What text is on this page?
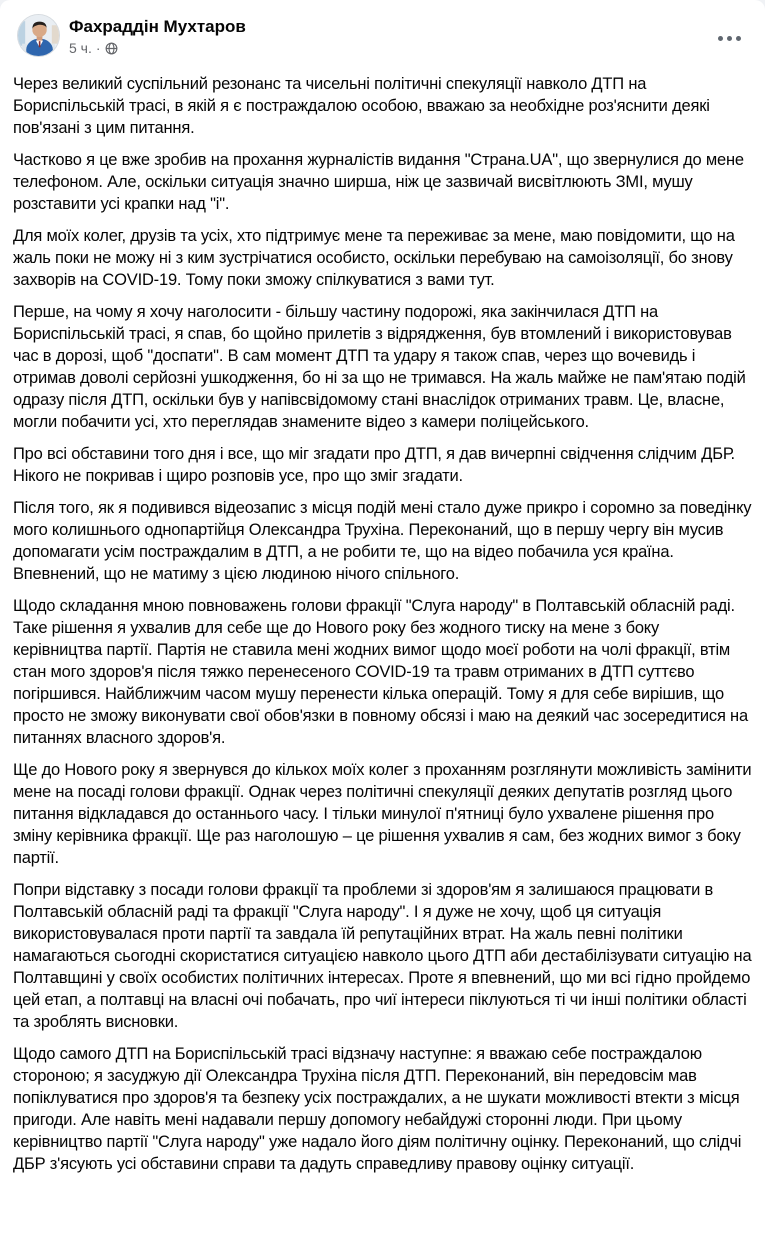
Фахраддін Мухтаров
5 ч. ·

Через великий суспільний резонанс та чисельні політичні спекуляції навколо ДТП на Бориспільській трасі, в якій я є постраждалою особою, вважаю за необхідне роз'яснити деякі пов'язані з цим питання.

Частково я це вже зробив на прохання журналістів видання "Страна.UA", що звернулися до мене телефоном. Але, оскільки ситуація значно ширша, ніж це зазвичай висвітлюють ЗМІ, мушу розставити усі крапки над "і".

Для моїх колег, друзів та усіх, хто підтримує мене та переживає за мене, маю повідомити, що на жаль поки не можу ні з ким зустрічатися особисто, оскільки перебуваю на самоізоляції, бо знову захворів на COVID-19. Тому поки зможу спілкуватися з вами тут.

Перше, на чому я хочу наголосити - більшу частину подорожі, яка закінчилася ДТП на Бориспільській трасі, я спав, бо щойно прилетів з відрядження, був втомлений і використовував час в дорозі, щоб "доспати". В сам момент ДТП та удару я також спав, через що вочевидь і отримав доволі серйозні ушкодження, бо ні за що не тримався. На жаль майже не пам'ятаю подій одразу після ДТП, оскільки був у напівсвідомому стані внаслідок отриманих травм. Це, власне, могли побачити усі, хто переглядав знамените відео з камери поліцейського.

Про всі обставини того дня і все, що міг згадати про ДТП, я дав вичерпні свідчення слідчим ДБР. Нікого не покривав і щиро розповів усе, про що зміг згадати.

Після того, як я подивився відеозапис з місця подій мені стало дуже прикро і соромно за поведінку мого колишнього однопартійця Олександра Трухіна. Переконаний, що в першу чергу він мусив допомагати усім постраждалим в ДТП, а не робити те, що на відео побачила уся країна. Впевнений, що не матиму з цією людиною нічого спільного.

Щодо складання мною повноважень голови фракції "Слуга народу" в Полтавській обласній раді. Таке рішення я ухвалив для себе ще до Нового року без жодного тиску на мене з боку керівництва партії. Партія не ставила мені жодних вимог щодо моєї роботи на чолі фракції, втім стан мого здоров'я після тяжко перенесеного COVID-19 та травм отриманих в ДТП суттєво погіршився. Найближчим часом мушу перенести кілька операцій. Тому я для себе вирішив, що просто не зможу виконувати свої обов'язки в повному обсязі і маю на деякий час зосередитися на питаннях власного здоров'я.

Ще до Нового року я звернувся до кількох моїх колег з проханням розглянути можливість замінити мене на посаді голови фракції. Однак через політичні спекуляції деяких депутатів розгляд цього питання відкладався до останнього часу. І тільки минулої п'ятниці було ухвалене рішення про зміну керівника фракції. Ще раз наголошую – це рішення ухвалив я сам, без жодних вимог з боку партії.

Попри відставку з посади голови фракції та проблеми зі здоров'ям я залишаюся працювати в Полтавській обласній раді та фракції "Слуга народу". І я дуже не хочу, щоб ця ситуація використовувалася проти партії та завдала їй репутаційних втрат. На жаль певні політики намагаються сьогодні скористатися ситуацією навколо цього ДТП аби дестабілізувати ситуацію на Полтавщині у своїх особистих політичних інтересах. Проте я впевнений, що ми всі гідно пройдемо цей етап, а полтавці на власні очі побачать, про чиї інтереси піклуються ті чи інші політики області та зроблять висновки.

Щодо самого ДТП на Бориспільській трасі відзначу наступне: я вважаю себе постраждалою стороною; я засуджую дії Олександра Трухіна після ДТП. Переконаний, він передовсім мав попіклуватися про здоров'я та безпеку усіх постраждалих, а не шукати можливості втекти з місця пригоди. Але навіть мені надавали першу допомогу небайдужі сторонні люди. При цьому керівництво партії "Слуга народу" уже надало його діям політичну оцінку. Переконаний, що слідчі ДБР з'ясують усі обставини справи та дадуть справедливу правову оцінку ситуації.
